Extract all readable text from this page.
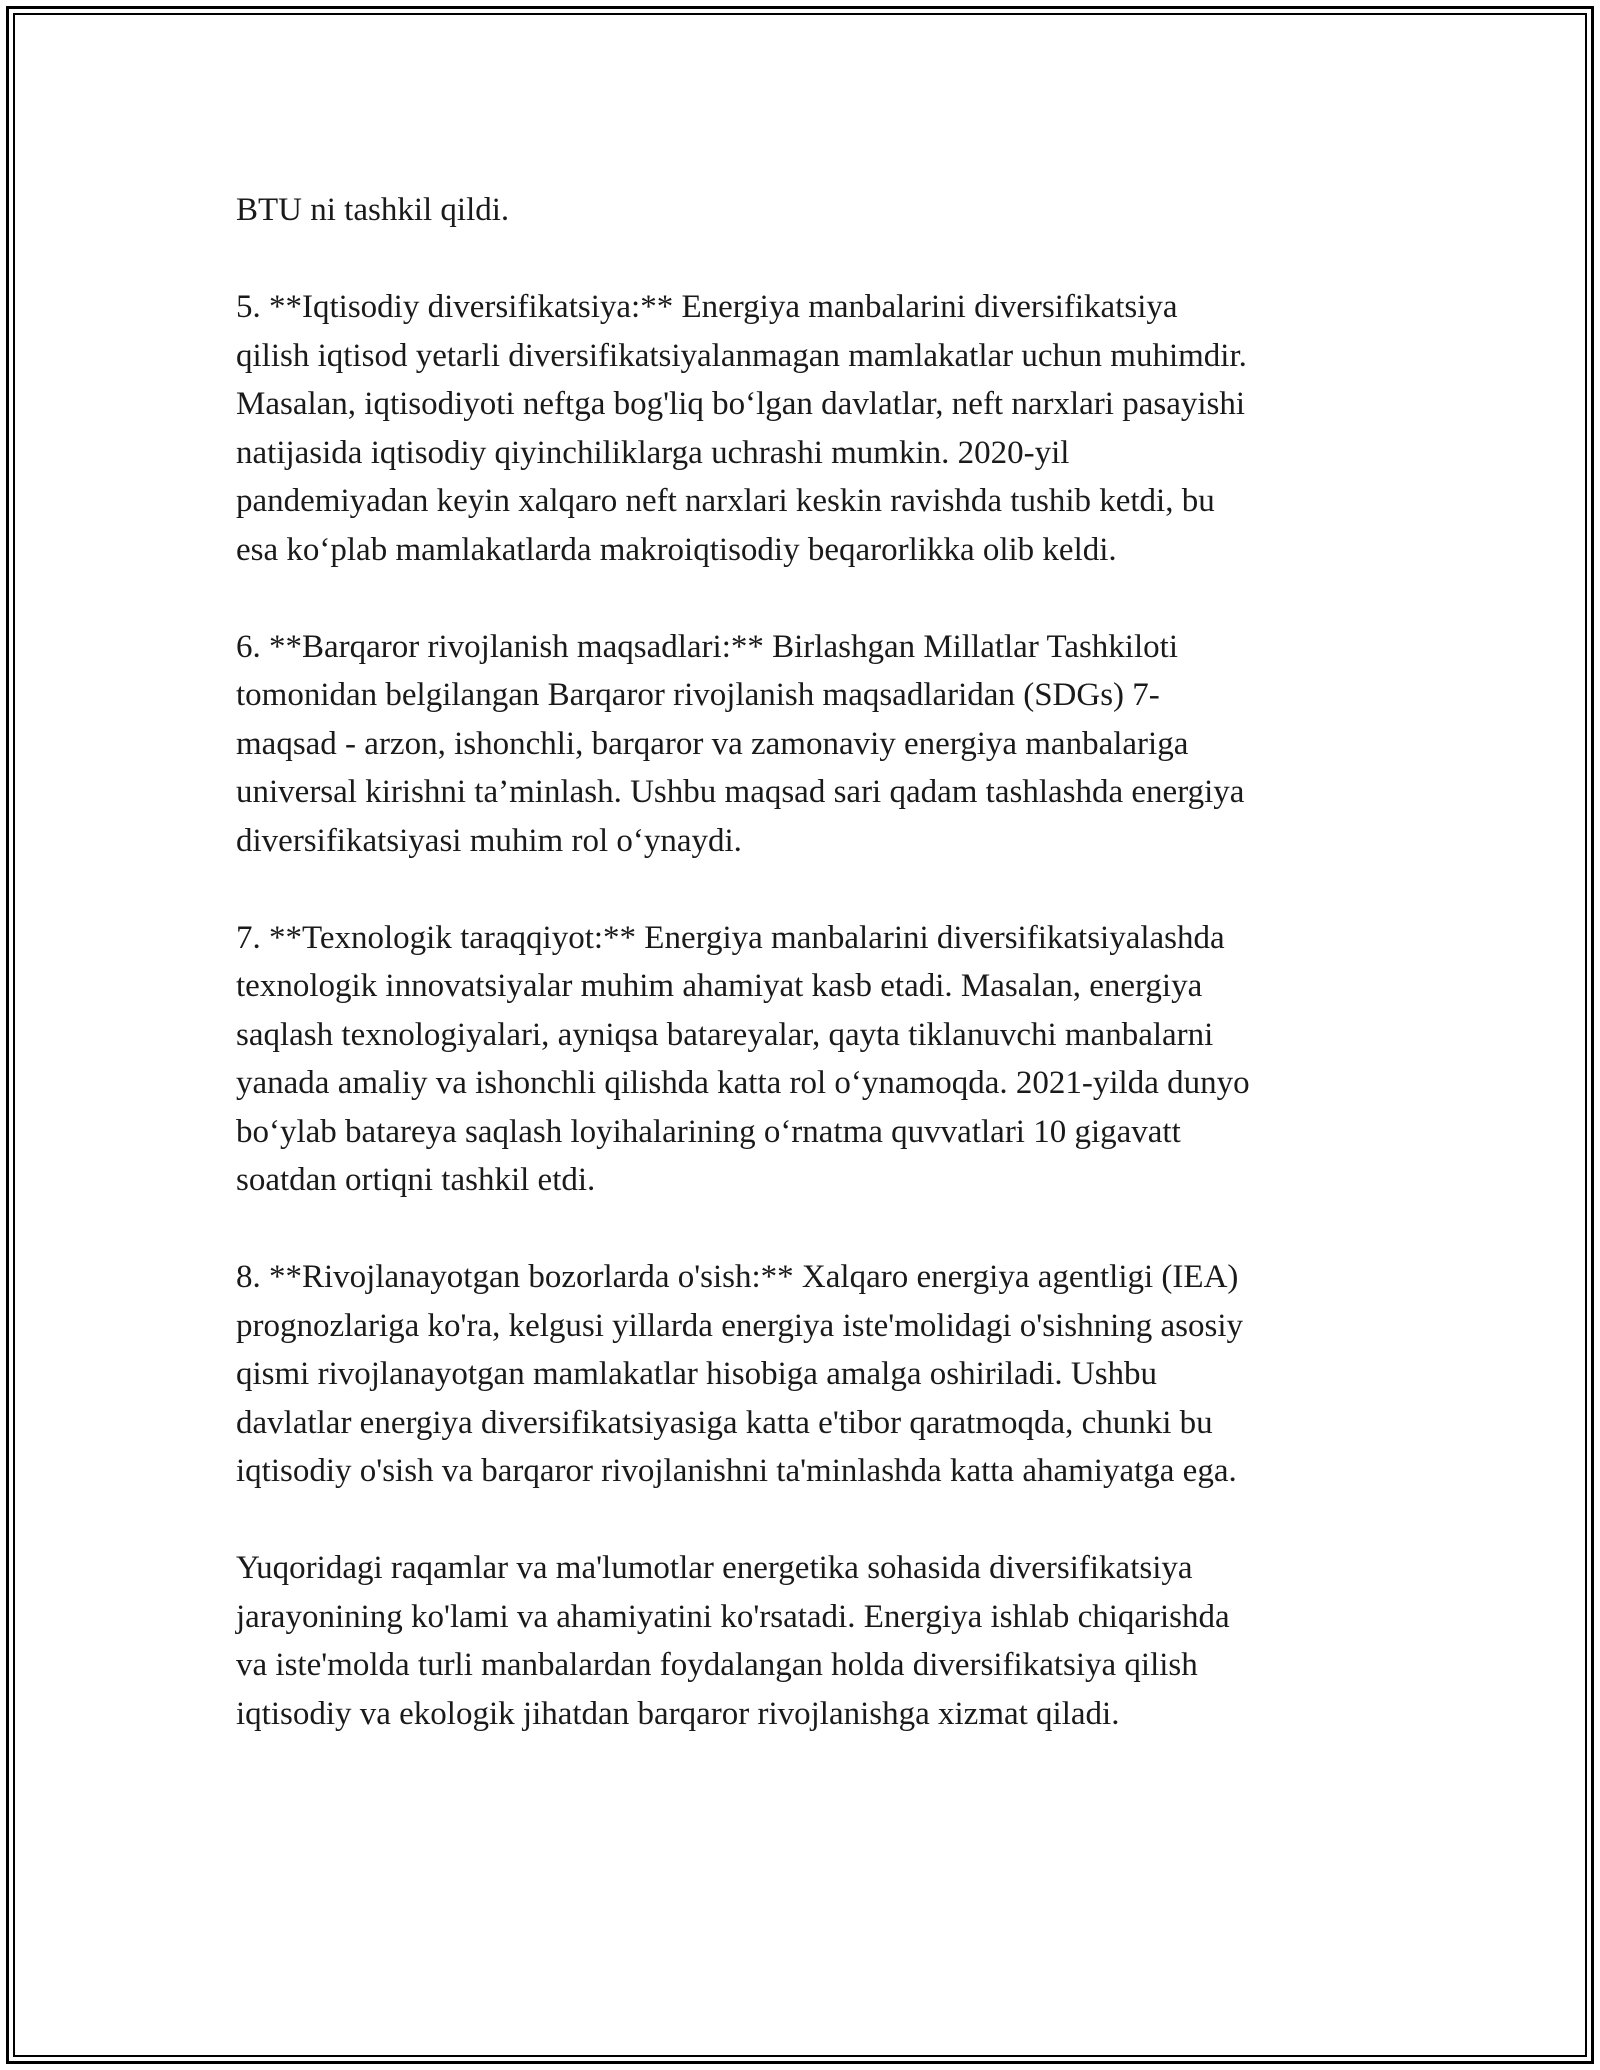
BTU ni tashkil qildi.

5. **Iqtisodiy diversifikatsiya:** Energiya manbalarini diversifikatsiya
qilish iqtisod yetarli diversifikatsiyalanmagan mamlakatlar uchun muhimdir.
Masalan, iqtisodiyoti neftga bog'liq bo‘lgan davlatlar, neft narxlari pasayishi
natijasida iqtisodiy qiyinchiliklarga uchrashi mumkin. 2020-yil
pandemiyadan keyin xalqaro neft narxlari keskin ravishda tushib ketdi, bu
esa ko‘plab mamlakatlarda makroiqtisodiy beqarorlikka olib keldi.

6. **Barqaror rivojlanish maqsadlari:** Birlashgan Millatlar Tashkiloti
tomonidan belgilangan Barqaror rivojlanish maqsadlaridan (SDGs) 7-
maqsad - arzon, ishonchli, barqaror va zamonaviy energiya manbalariga
universal kirishni ta’minlash. Ushbu maqsad sari qadam tashlashda energiya
diversifikatsiyasi muhim rol o‘ynaydi.

7. **Texnologik taraqqiyot:** Energiya manbalarini diversifikatsiyalashda
texnologik innovatsiyalar muhim ahamiyat kasb etadi. Masalan, energiya
saqlash texnologiyalari, ayniqsa batareyalar, qayta tiklanuvchi manbalarni
yanada amaliy va ishonchli qilishda katta rol o‘ynamoqda. 2021-yilda dunyo
bo‘ylab batareya saqlash loyihalarining o‘rnatma quvvatlari 10 gigavatt
soatdan ortiqni tashkil etdi.

8. **Rivojlanayotgan bozorlarda o'sish:** Xalqaro energiya agentligi (IEA)
prognozlariga ko'ra, kelgusi yillarda energiya iste'molidagi o'sishning asosiy
qismi rivojlanayotgan mamlakatlar hisobiga amalga oshiriladi. Ushbu
davlatlar energiya diversifikatsiyasiga katta e'tibor qaratmoqda, chunki bu
iqtisodiy o'sish va barqaror rivojlanishni ta'minlashda katta ahamiyatga ega.

Yuqoridagi raqamlar va ma'lumotlar energetika sohasida diversifikatsiya
jarayonining ko'lami va ahamiyatini ko'rsatadi. Energiya ishlab chiqarishda
va iste'molda turli manbalardan foydalangan holda diversifikatsiya qilish
iqtisodiy va ekologik jihatdan barqaror rivojlanishga xizmat qiladi.
